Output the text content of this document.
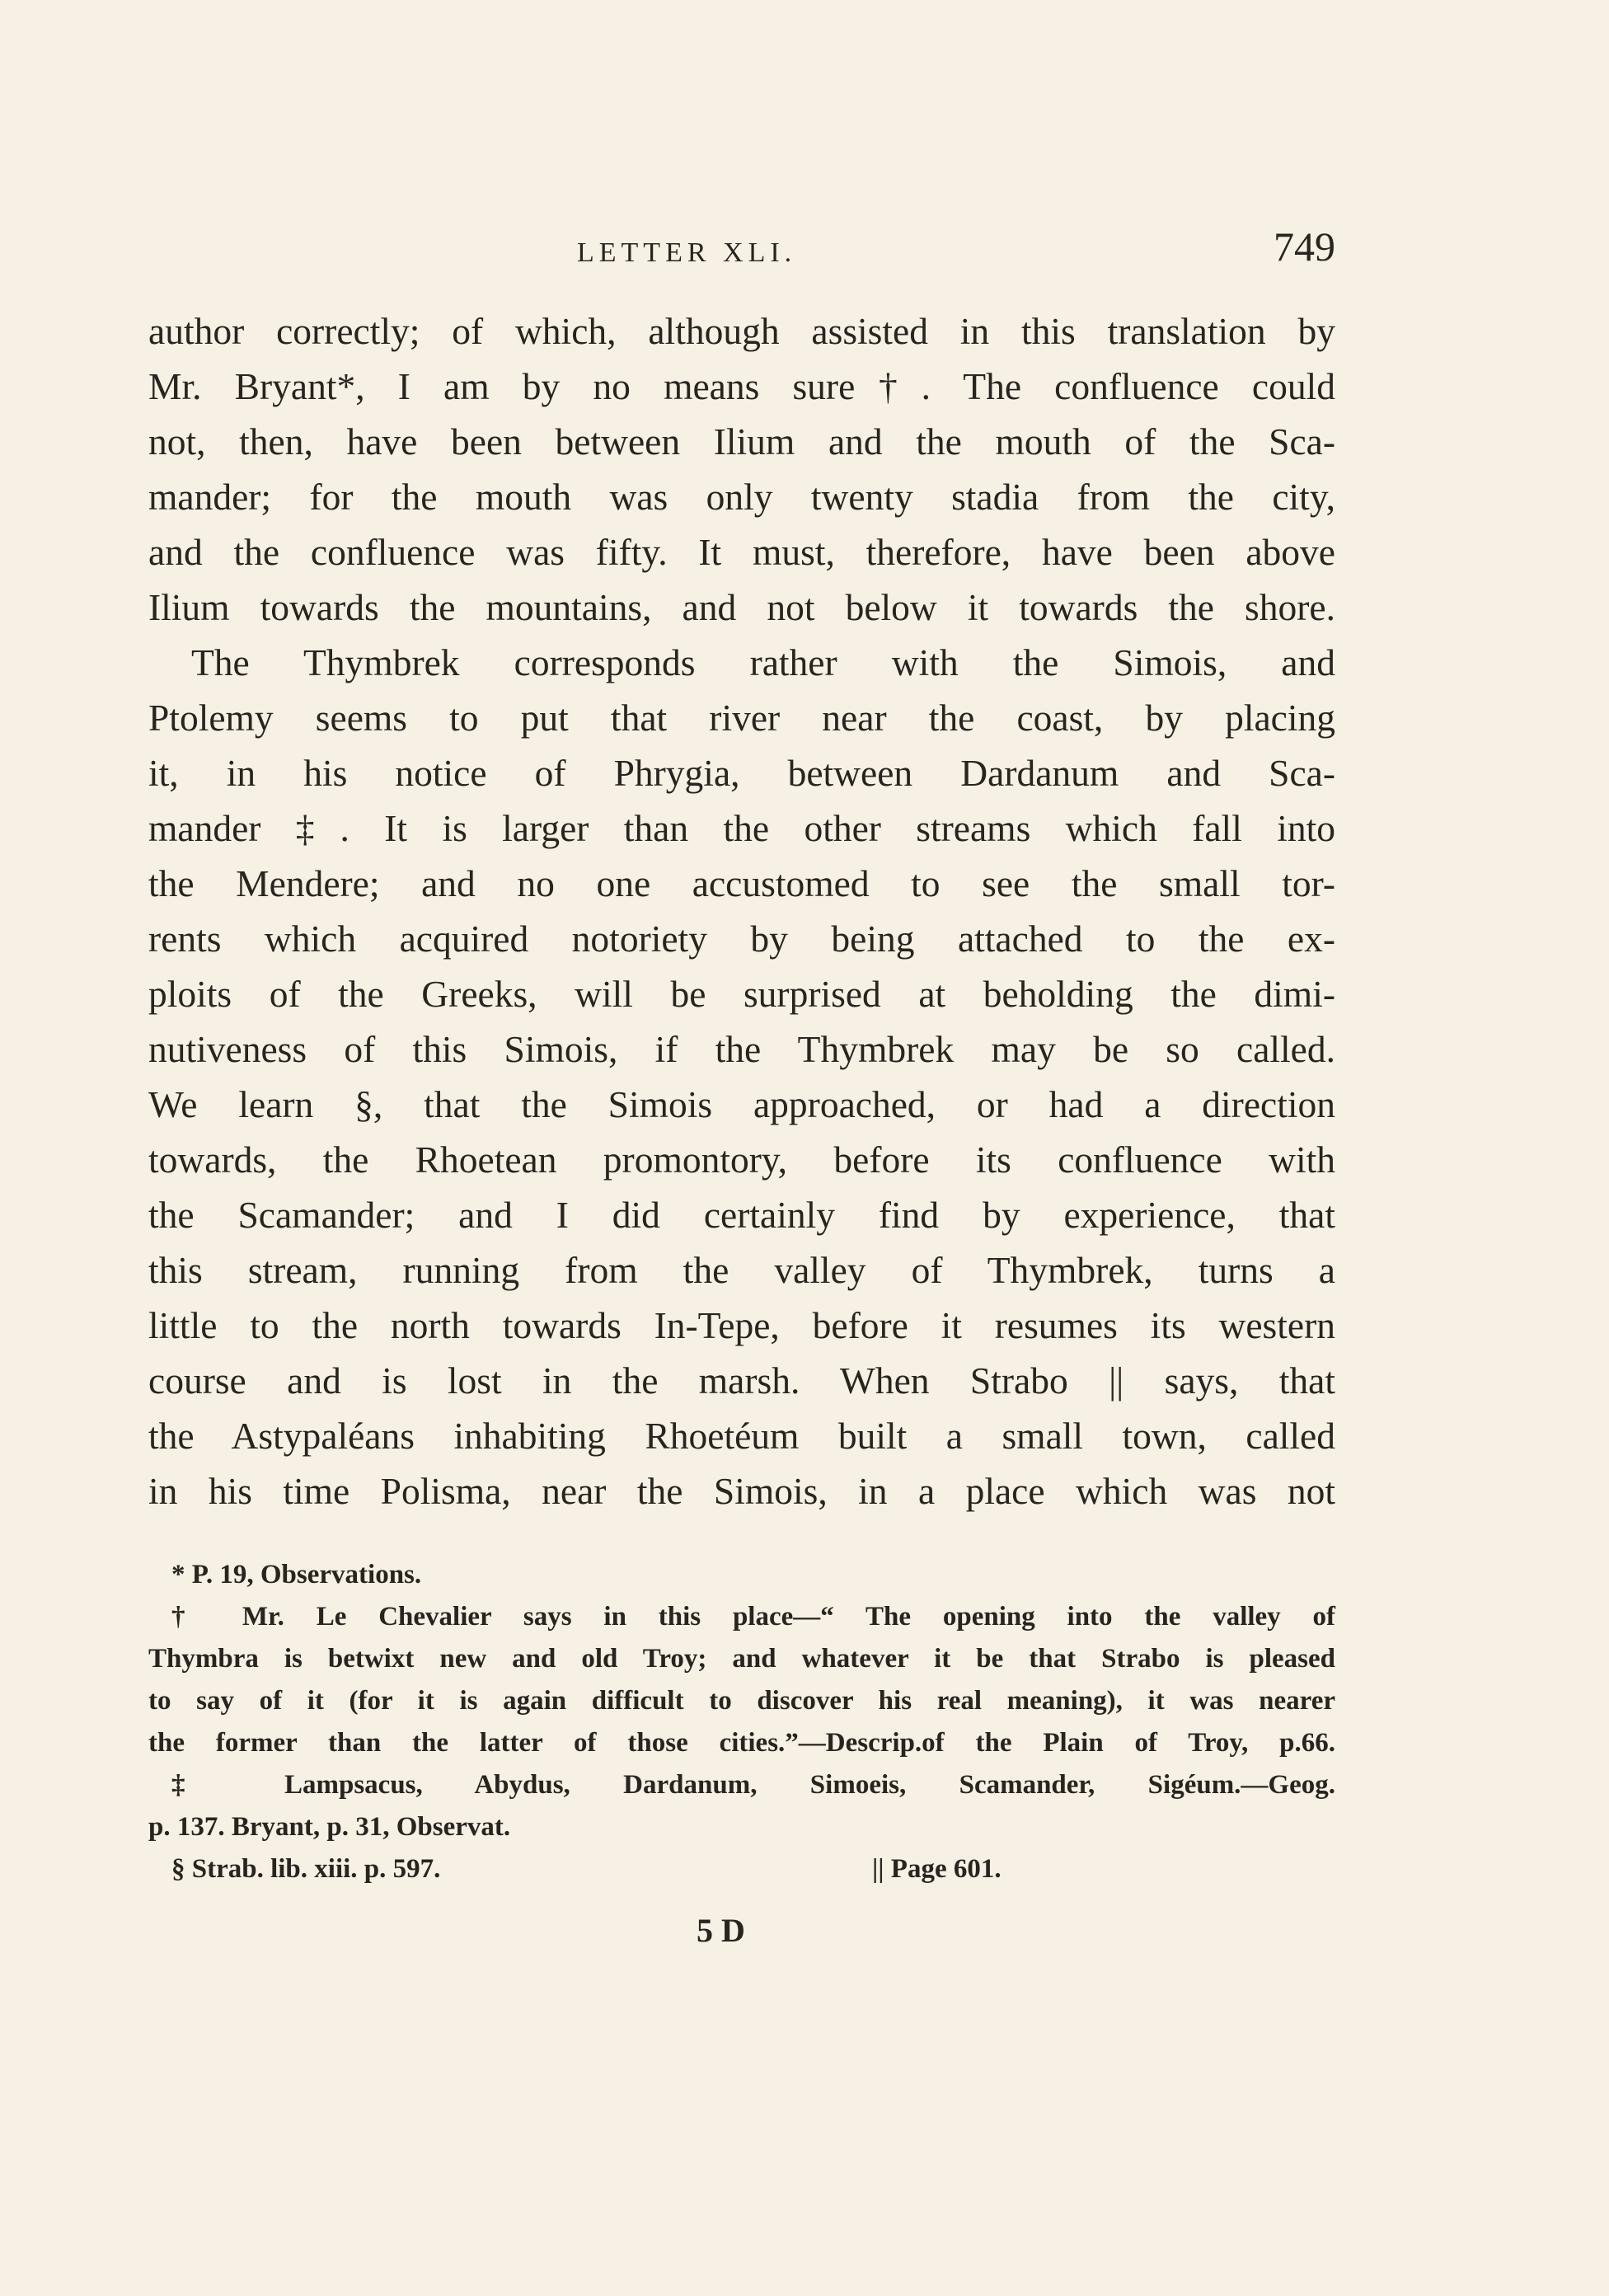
LETTER XLI.	749
author correctly; of which, although assisted in this translation by
Mr. Bryant*, I am by no means sure†. The confluence could
not, then, have been between Ilium and the mouth of the Sca-
mander; for the mouth was only twenty stadia from the city,
and the confluence was fifty. It must, therefore, have been above
Ilium towards the mountains, and not below it towards the shore.
The Thymbrek corresponds rather with the Simois, and
Ptolemy seems to put that river near the coast, by placing
it, in his notice of Phrygia, between Dardanum and Sca-
mander ‡. It is larger than the other streams which fall into
the Mendere; and no one accustomed to see the small tor-
rents which acquired notoriety by being attached to the ex-
ploits of the Greeks, will be surprised at beholding the dimi-
nutiveness of this Simois, if the Thymbrek may be so called.
We learn §, that the Simois approached, or had a direction
towards, the Rhoetean promontory, before its confluence with
the Scamander; and I did certainly find by experience, that
this stream, running from the valley of Thymbrek, turns a
little to the north towards In-Tepe, before it resumes its western
course and is lost in the marsh. When Strabo || says, that
the Astypaléans inhabiting Rhoetéum built a small town, called
in his time Polisma, near the Simois, in a place which was not
* P. 19, Observations.
† Mr. Le Chevalier says in this place—“ The opening into the valley of
Thymbra is betwixt new and old Troy; and whatever it be that Strabo is pleased
to say of it (for it is again difficult to discover his real meaning), it was nearer
the former than the latter of those cities.”—Descrip.of the Plain of Troy, p.66.
‡ Lampsacus, Abydus, Dardanum, Simoeis, Scamander, Sigéum.—Geog.
p. 137. Bryant, p. 31, Observat.
§ Strab. lib. xiii. p. 597.	|| Page 601.
5 D
